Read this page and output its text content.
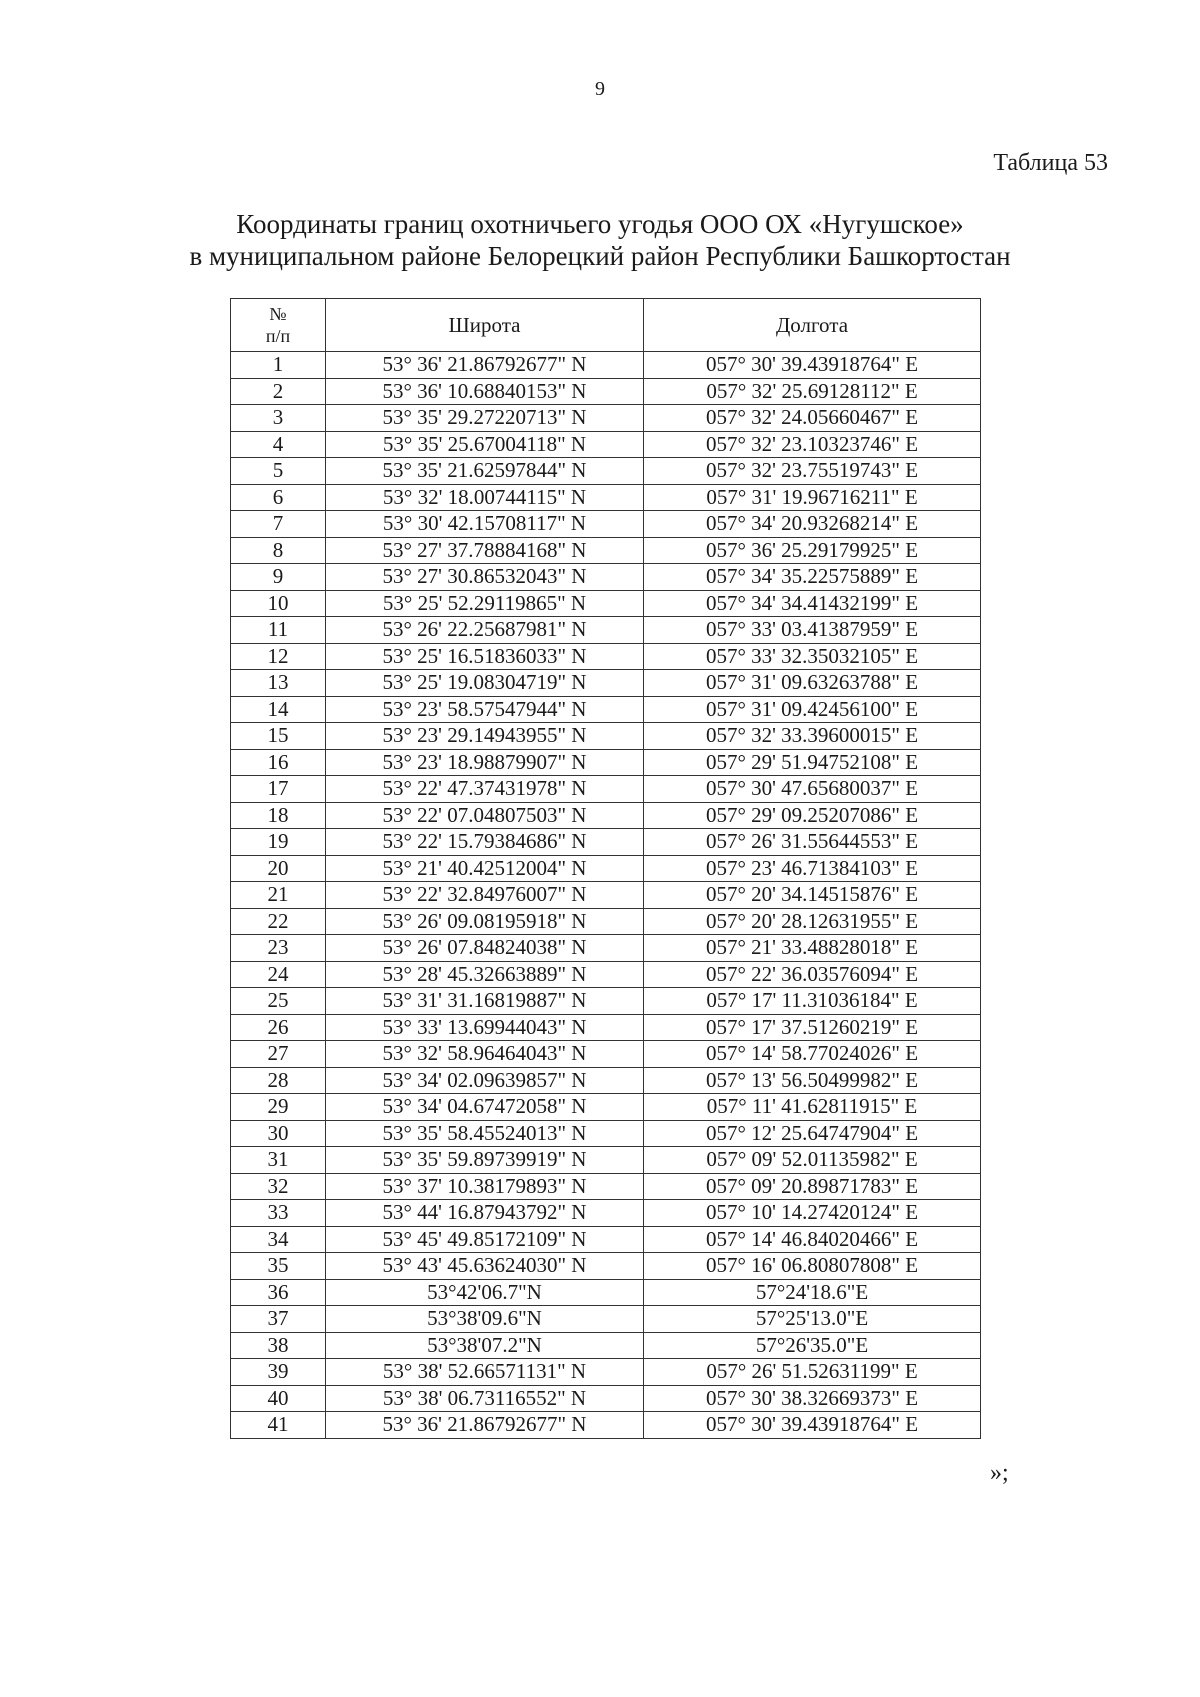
9
Таблица 53
Координаты границ охотничьего угодья ООО ОХ «Нугушское»
в муниципальном районе Белорецкий район Республики Башкортостан
№
п/п	Широта	Долгота
1	53° 36' 21.86792677" N	057° 30' 39.43918764" E
2	53° 36' 10.68840153" N	057° 32' 25.69128112" E
3	53° 35' 29.27220713" N	057° 32' 24.05660467" E
4	53° 35' 25.67004118" N	057° 32' 23.10323746" E
5	53° 35' 21.62597844" N	057° 32' 23.75519743" E
6	53° 32' 18.00744115" N	057° 31' 19.96716211" E
7	53° 30' 42.15708117" N	057° 34' 20.93268214" E
8	53° 27' 37.78884168" N	057° 36' 25.29179925" E
9	53° 27' 30.86532043" N	057° 34' 35.22575889" E
10	53° 25' 52.29119865" N	057° 34' 34.41432199" E
11	53° 26' 22.25687981" N	057° 33' 03.41387959" E
12	53° 25' 16.51836033" N	057° 33' 32.35032105" E
13	53° 25' 19.08304719" N	057° 31' 09.63263788" E
14	53° 23' 58.57547944" N	057° 31' 09.42456100" E
15	53° 23' 29.14943955" N	057° 32' 33.39600015" E
16	53° 23' 18.98879907" N	057° 29' 51.94752108" E
17	53° 22' 47.37431978" N	057° 30' 47.65680037" E
18	53° 22' 07.04807503" N	057° 29' 09.25207086" E
19	53° 22' 15.79384686" N	057° 26' 31.55644553" E
20	53° 21' 40.42512004" N	057° 23' 46.71384103" E
21	53° 22' 32.84976007" N	057° 20' 34.14515876" E
22	53° 26' 09.08195918" N	057° 20' 28.12631955" E
23	53° 26' 07.84824038" N	057° 21' 33.48828018" E
24	53° 28' 45.32663889" N	057° 22' 36.03576094" E
25	53° 31' 31.16819887" N	057° 17' 11.31036184" E
26	53° 33' 13.69944043" N	057° 17' 37.51260219" E
27	53° 32' 58.96464043" N	057° 14' 58.77024026" E
28	53° 34' 02.09639857" N	057° 13' 56.50499982" E
29	53° 34' 04.67472058" N	057° 11' 41.62811915" E
30	53° 35' 58.45524013" N	057° 12' 25.64747904" E
31	53° 35' 59.89739919" N	057° 09' 52.01135982" E
32	53° 37' 10.38179893" N	057° 09' 20.89871783" E
33	53° 44' 16.87943792" N	057° 10' 14.27420124" E
34	53° 45' 49.85172109" N	057° 14' 46.84020466" E
35	53° 43' 45.63624030" N	057° 16' 06.80807808" E
36	53°42'06.7"N	57°24'18.6"E
37	53°38'09.6"N	57°25'13.0"E
38	53°38'07.2"N	57°26'35.0"E
39	53° 38' 52.66571131" N	057° 26' 51.52631199" E
40	53° 38' 06.73116552" N	057° 30' 38.32669373" E
41	53° 36' 21.86792677" N	057° 30' 39.43918764" E
»;
